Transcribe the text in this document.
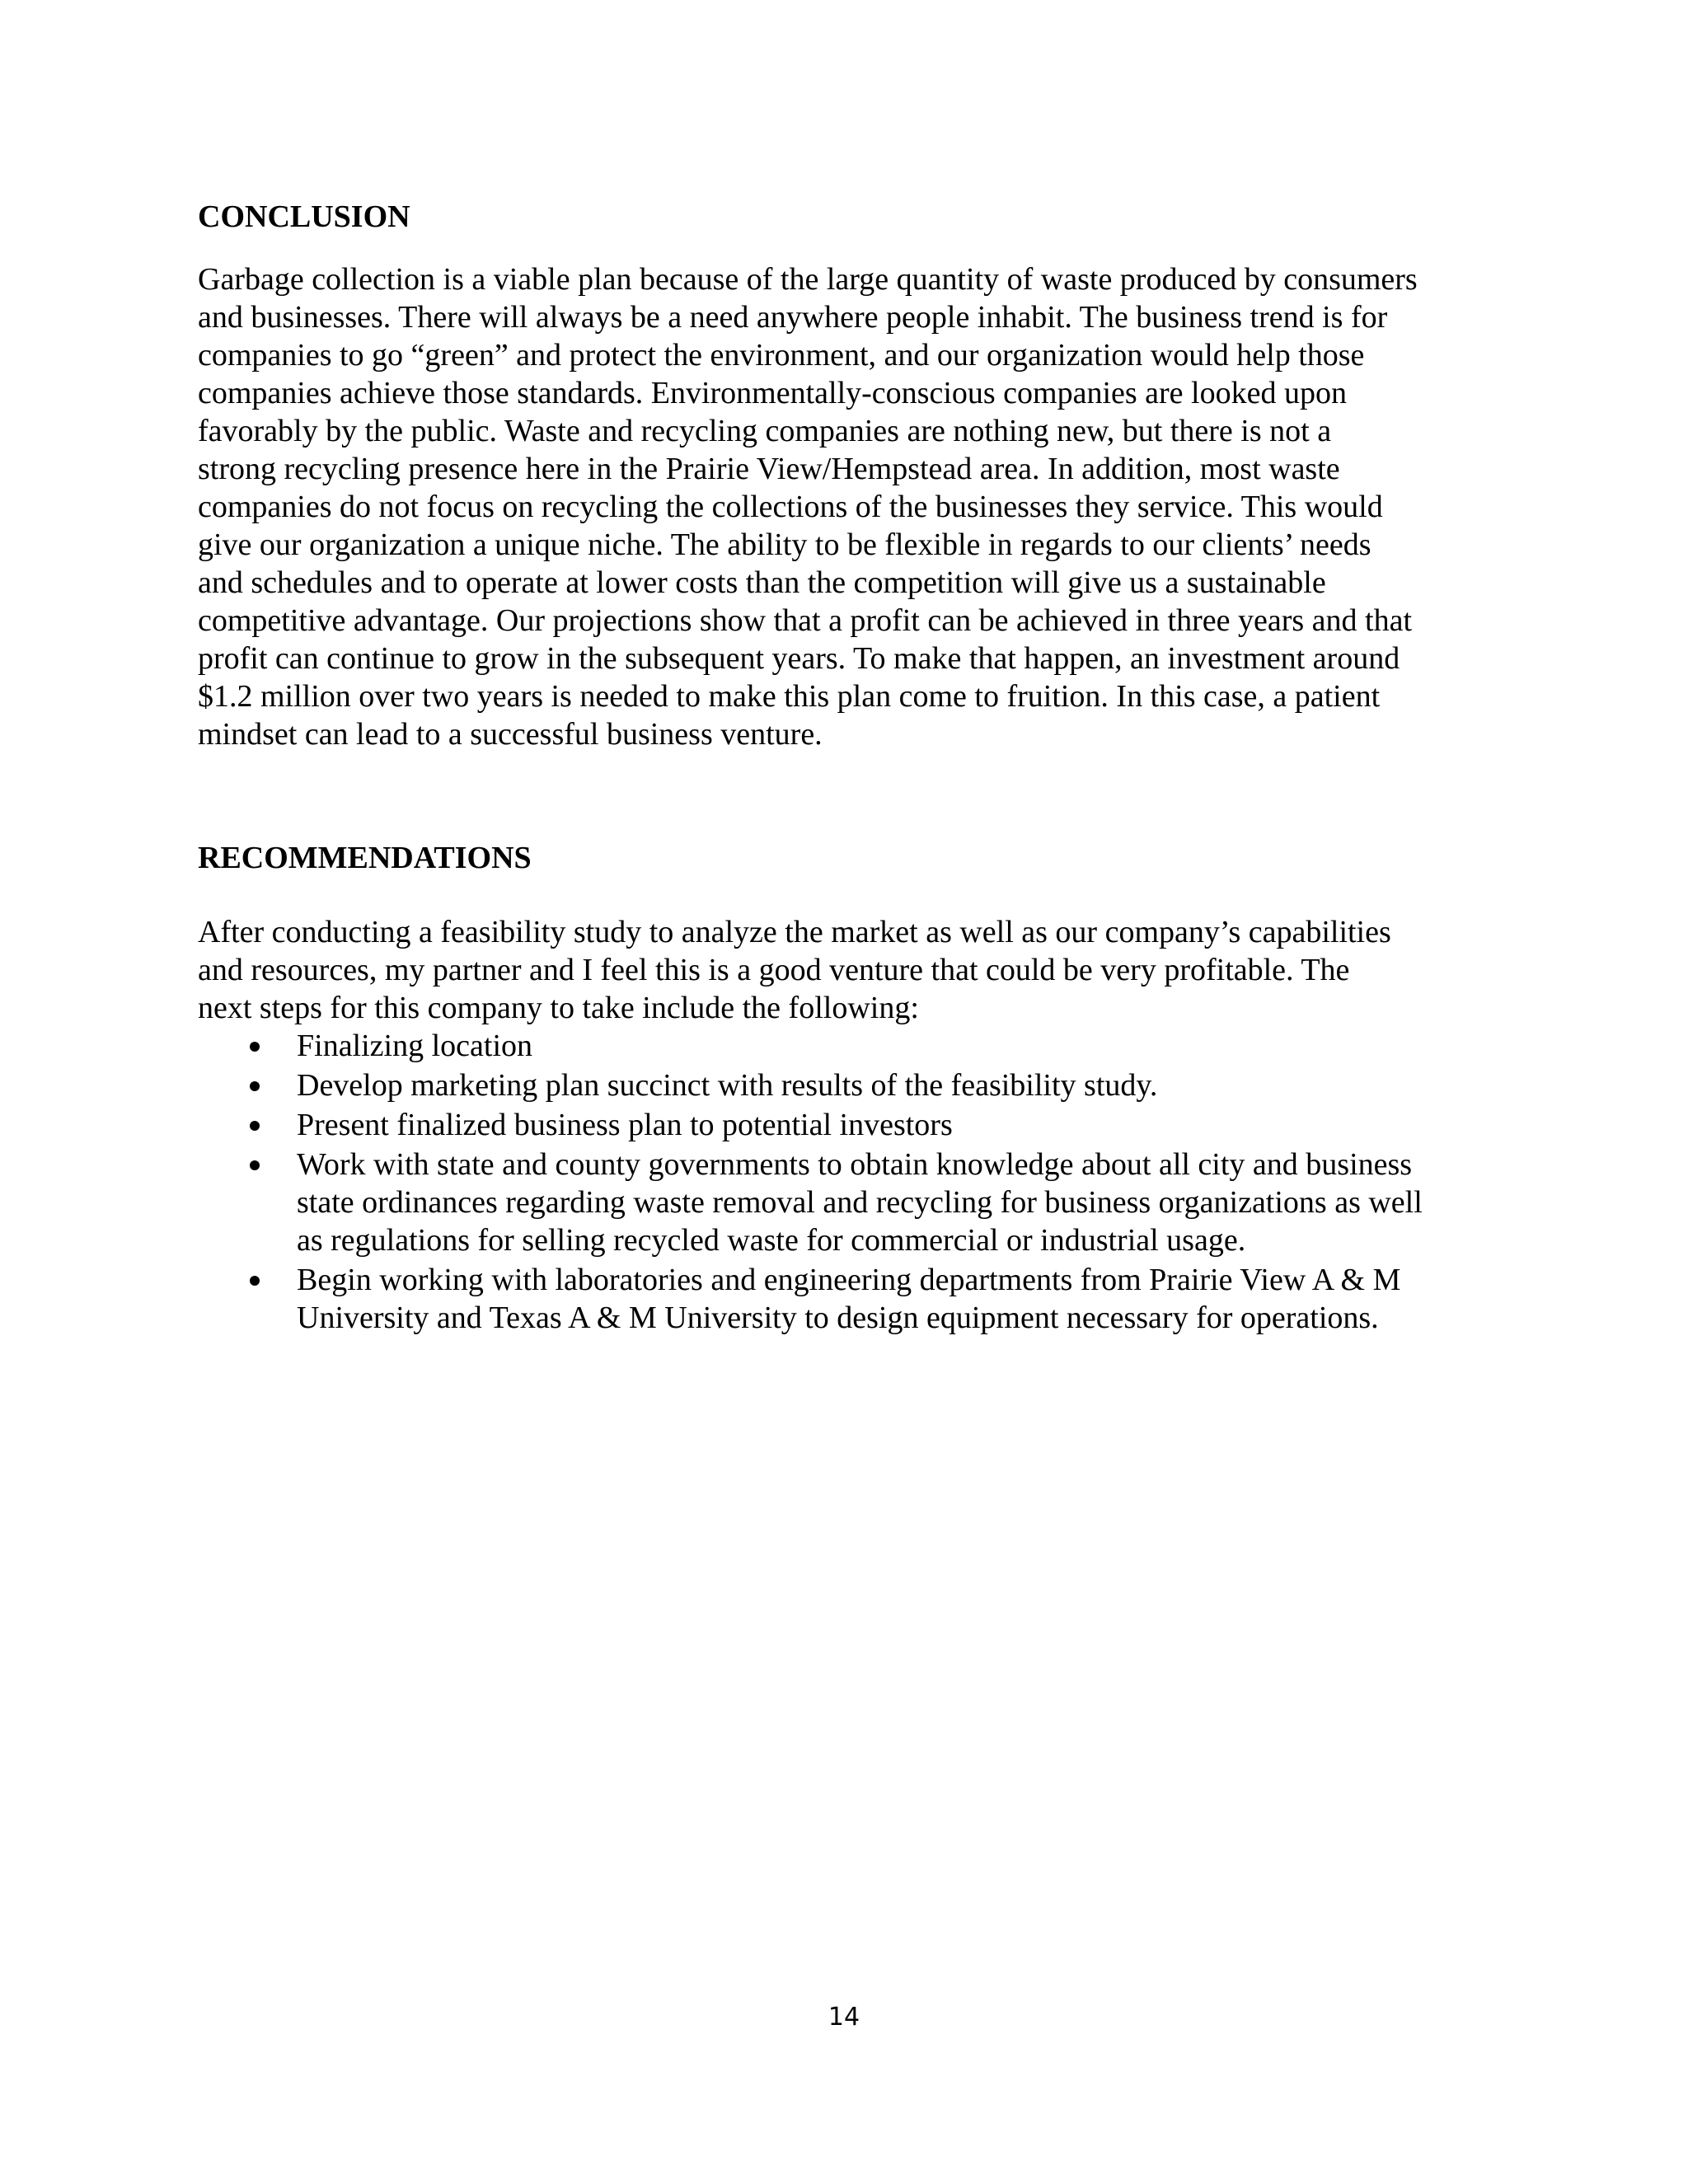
CONCLUSION

Garbage collection is a viable plan because of the large quantity of waste produced by consumers
and businesses. There will always be a need anywhere people inhabit. The business trend is for
companies to go “green” and protect the environment, and our organization would help those
companies achieve those standards. Environmentally-conscious companies are looked upon
favorably by the public. Waste and recycling companies are nothing new, but there is not a
strong recycling presence here in the Prairie View/Hempstead area. In addition, most waste
companies do not focus on recycling the collections of the businesses they service. This would
give our organization a unique niche. The ability to be flexible in regards to our clients’ needs
and schedules and to operate at lower costs than the competition will give us a sustainable
competitive advantage. Our projections show that a profit can be achieved in three years and that
profit can continue to grow in the subsequent years. To make that happen, an investment around
$1.2 million over two years is needed to make this plan come to fruition. In this case, a patient
mindset can lead to a successful business venture.

RECOMMENDATIONS

After conducting a feasibility study to analyze the market as well as our company’s capabilities
and resources, my partner and I feel this is a good venture that could be very profitable. The
next steps for this company to take include the following:

Finalizing location
Develop marketing plan succinct with results of the feasibility study.
Present finalized business plan to potential investors
Work with state and county governments to obtain knowledge about all city and business
state ordinances regarding waste removal and recycling for business organizations as well
as regulations for selling recycled waste for commercial or industrial usage.
Begin working with laboratories and engineering departments from Prairie View A & M
University and Texas A & M University to design equipment necessary for operations.
14
